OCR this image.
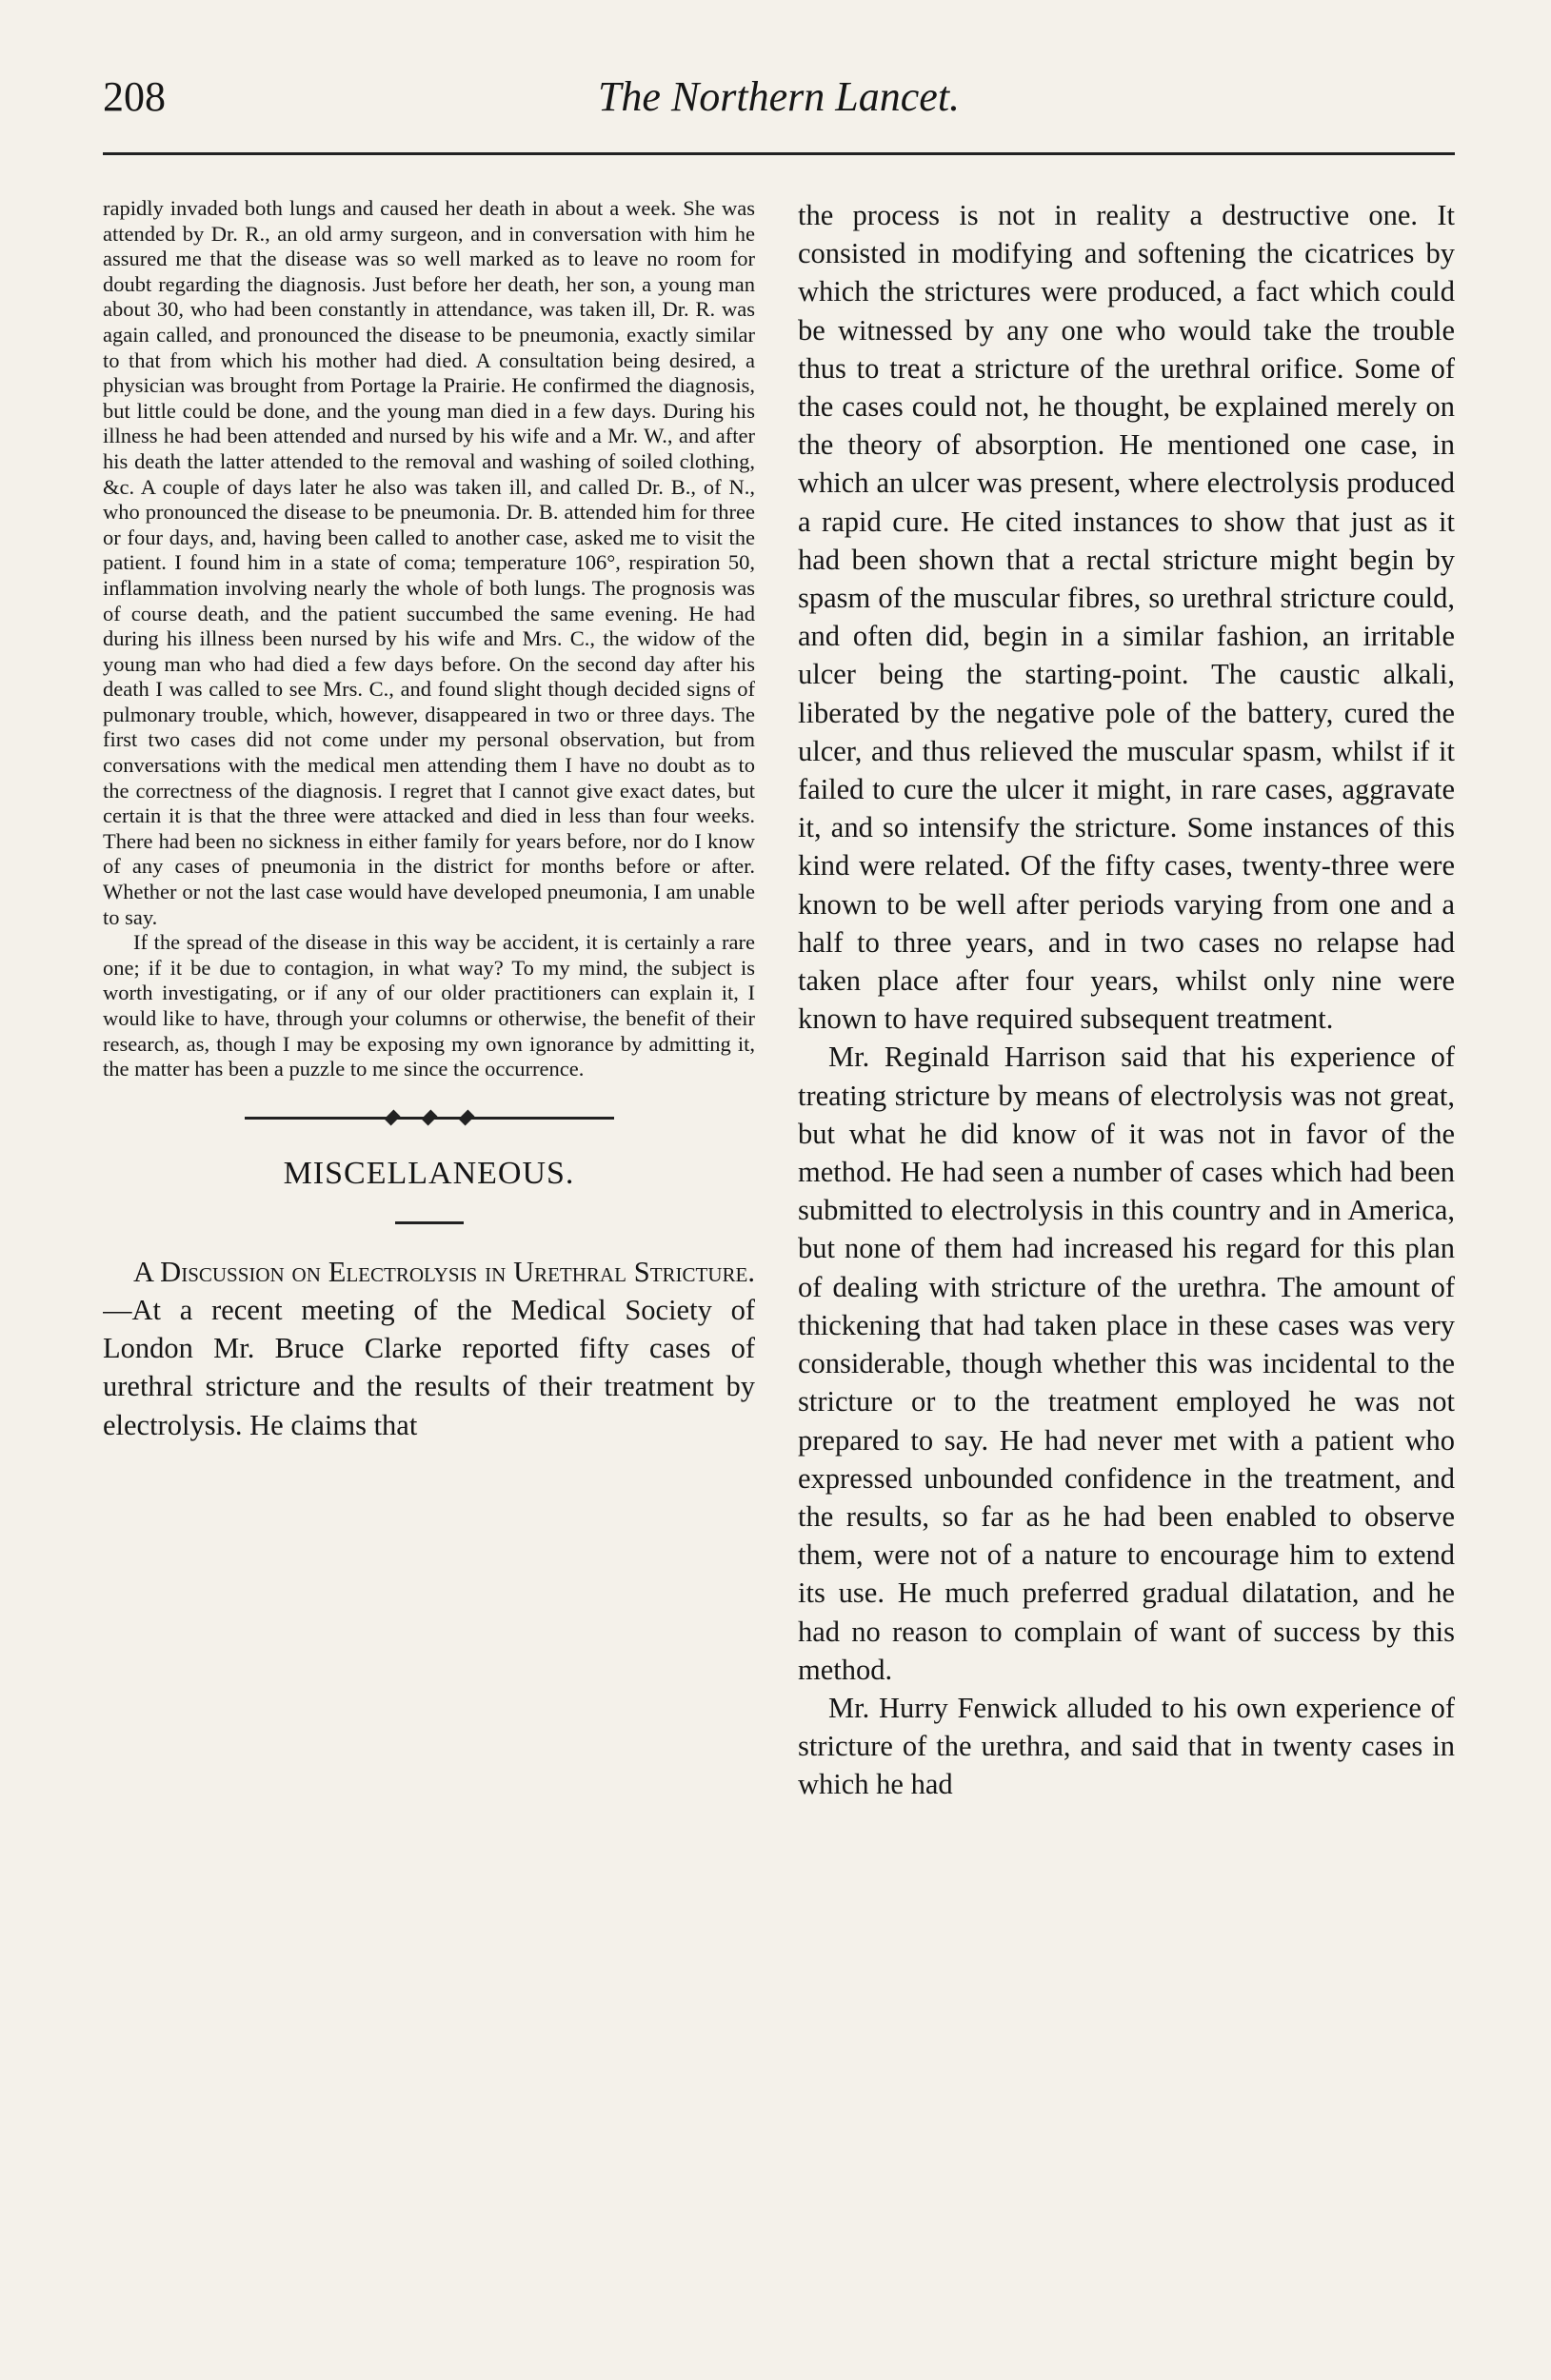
208	The Northern Lancet.

rapidly invaded both lungs and caused her death in about a week. She was attended by Dr. R., an old army surgeon, and in conversation with him he assured me that the disease was so well marked as to leave no room for doubt regarding the diagnosis. Just before her death, her son, a young man about 30, who had been constantly in attendance, was taken ill, Dr. R. was again called, and pronounced the disease to be pneumonia, exactly similar to that from which his mother had died. A consultation being desired, a physician was brought from Portage la Prairie. He confirmed the diagnosis, but little could be done, and the young man died in a few days. During his illness he had been attended and nursed by his wife and a Mr. W., and after his death the latter attended to the removal and washing of soiled clothing, &c. A couple of days later he also was taken ill, and called Dr. B., of N., who pronounced the disease to be pneumonia. Dr. B. attended him for three or four days, and, having been called to another case, asked me to visit the patient. I found him in a state of coma; temperature 106°, respiration 50, inflammation involving nearly the whole of both lungs. The prognosis was of course death, and the patient succumbed the same evening. He had during his illness been nursed by his wife and Mrs. C., the widow of the young man who had died a few days before. On the second day after his death I was called to see Mrs. C., and found slight though decided signs of pulmonary trouble, which, however, disappeared in two or three days. The first two cases did not come under my personal observation, but from conversations with the medical men attending them I have no doubt as to the correctness of the diagnosis. I regret that I cannot give exact dates, but certain it is that the three were attacked and died in less than four weeks. There had been no sickness in either family for years before, nor do I know of any cases of pneumonia in the district for months before or after. Whether or not the last case would have developed pneumonia, I am unable to say.

If the spread of the disease in this way be accident, it is certainly a rare one; if it be due to contagion, in what way? To my mind, the subject is worth investigating, or if any of our older practitioners can explain it, I would like to have, through your columns or otherwise, the benefit of their research, as, though I may be exposing my own ignorance by admitting it, the matter has been a puzzle to me since the occurrence.

MISCELLANEOUS.

A Discussion on Electrolysis in Urethral Stricture.—At a recent meeting of the Medical Society of London Mr. Bruce Clarke reported fifty cases of urethral stricture and the results of their treatment by electrolysis. He claims that

the process is not in reality a destructive one. It consisted in modifying and softening the cicatrices by which the strictures were produced, a fact which could be witnessed by any one who would take the trouble thus to treat a stricture of the urethral orifice. Some of the cases could not, he thought, be explained merely on the theory of absorption. He mentioned one case, in which an ulcer was present, where electrolysis produced a rapid cure. He cited instances to show that just as it had been shown that a rectal stricture might begin by spasm of the muscular fibres, so urethral stricture could, and often did, begin in a similar fashion, an irritable ulcer being the starting-point. The caustic alkali, liberated by the negative pole of the battery, cured the ulcer, and thus relieved the muscular spasm, whilst if it failed to cure the ulcer it might, in rare cases, aggravate it, and so intensify the stricture. Some instances of this kind were related. Of the fifty cases, twenty-three were known to be well after periods varying from one and a half to three years, and in two cases no relapse had taken place after four years, whilst only nine were known to have required subsequent treatment.

Mr. Reginald Harrison said that his experience of treating stricture by means of electrolysis was not great, but what he did know of it was not in favor of the method. He had seen a number of cases which had been submitted to electrolysis in this country and in America, but none of them had increased his regard for this plan of dealing with stricture of the urethra. The amount of thickening that had taken place in these cases was very considerable, though whether this was incidental to the stricture or to the treatment employed he was not prepared to say. He had never met with a patient who expressed unbounded confidence in the treatment, and the results, so far as he had been enabled to observe them, were not of a nature to encourage him to extend its use. He much preferred gradual dilatation, and he had no reason to complain of want of success by this method.

Mr. Hurry Fenwick alluded to his own experience of stricture of the urethra, and said that in twenty cases in which he had
